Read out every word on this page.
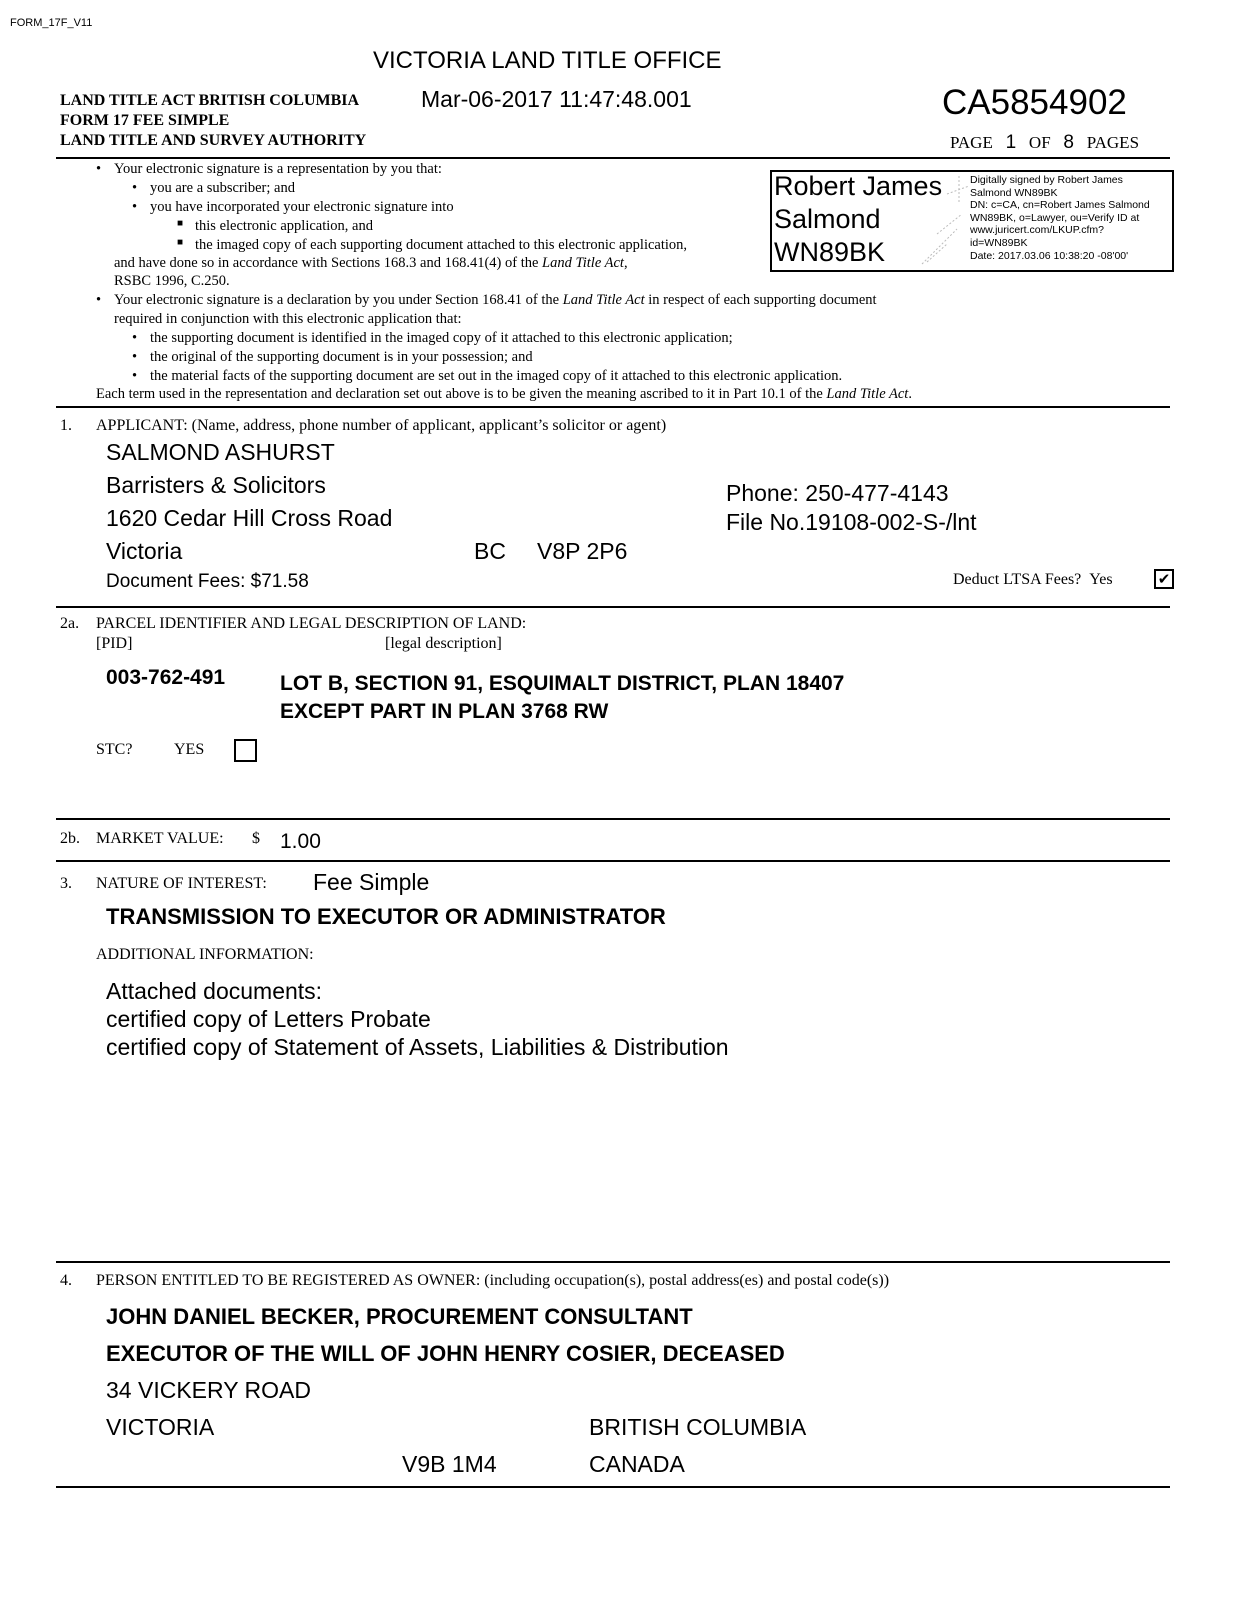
FORM_17F_V11
VICTORIA LAND TITLE OFFICE
LAND TITLE ACT BRITISH COLUMBIA
FORM 17 FEE SIMPLE
LAND TITLE AND SURVEY AUTHORITY
Mar-06-2017 11:47:48.001	CA5854902
PAGE 1 OF 8 PAGES
• Your electronic signature is a representation by you that:
• you are a subscriber; and
• you have incorporated your electronic signature into
■ this electronic application, and
■ the imaged copy of each supporting document attached to this electronic application,
and have done so in accordance with Sections 168.3 and 168.41(4) of the Land Title Act,
RSBC 1996, C.250.
• Your electronic signature is a declaration by you under Section 168.41 of the Land Title Act in respect of each supporting document
required in conjunction with this electronic application that:
• the supporting document is identified in the imaged copy of it attached to this electronic application;
• the original of the supporting document is in your possession; and
• the material facts of the supporting document are set out in the imaged copy of it attached to this electronic application.
Each term used in the representation and declaration set out above is to be given the meaning ascribed to it in Part 10.1 of the Land Title Act.
Robert James
Salmond
WN89BK
Digitally signed by Robert James
Salmond WN89BK
DN: c=CA, cn=Robert James Salmond
WN89BK, o=Lawyer, ou=Verify ID at
www.juricert.com/LKUP.cfm?
id=WN89BK
Date: 2017.03.06 10:38:20 -08'00'
1. APPLICANT: (Name, address, phone number of applicant, applicant’s solicitor or agent)
SALMOND ASHURST
Barristers & Solicitors
1620 Cedar Hill Cross Road
Victoria	BC V8P 2P6
Phone: 250-477-4143
File No.19108-002-S-/lnt
Document Fees: $71.58	Deduct LTSA Fees? Yes	✔
2a. PARCEL IDENTIFIER AND LEGAL DESCRIPTION OF LAND:
[PID]	[legal description]
003-762-491	LOT B, SECTION 91, ESQUIMALT DISTRICT, PLAN 18407
EXCEPT PART IN PLAN 3768 RW
STC?	YES
2b. MARKET VALUE: $ 1.00
3. NATURE OF INTEREST: Fee Simple
TRANSMISSION TO EXECUTOR OR ADMINISTRATOR
ADDITIONAL INFORMATION:
Attached documents:
certified copy of Letters Probate
certified copy of Statement of Assets, Liabilities & Distribution
4. PERSON ENTITLED TO BE REGISTERED AS OWNER: (including occupation(s), postal address(es) and postal code(s))
JOHN DANIEL BECKER, PROCUREMENT CONSULTANT
EXECUTOR OF THE WILL OF JOHN HENRY COSIER, DECEASED
34 VICKERY ROAD
VICTORIA	BRITISH COLUMBIA
V9B 1M4	CANADA
